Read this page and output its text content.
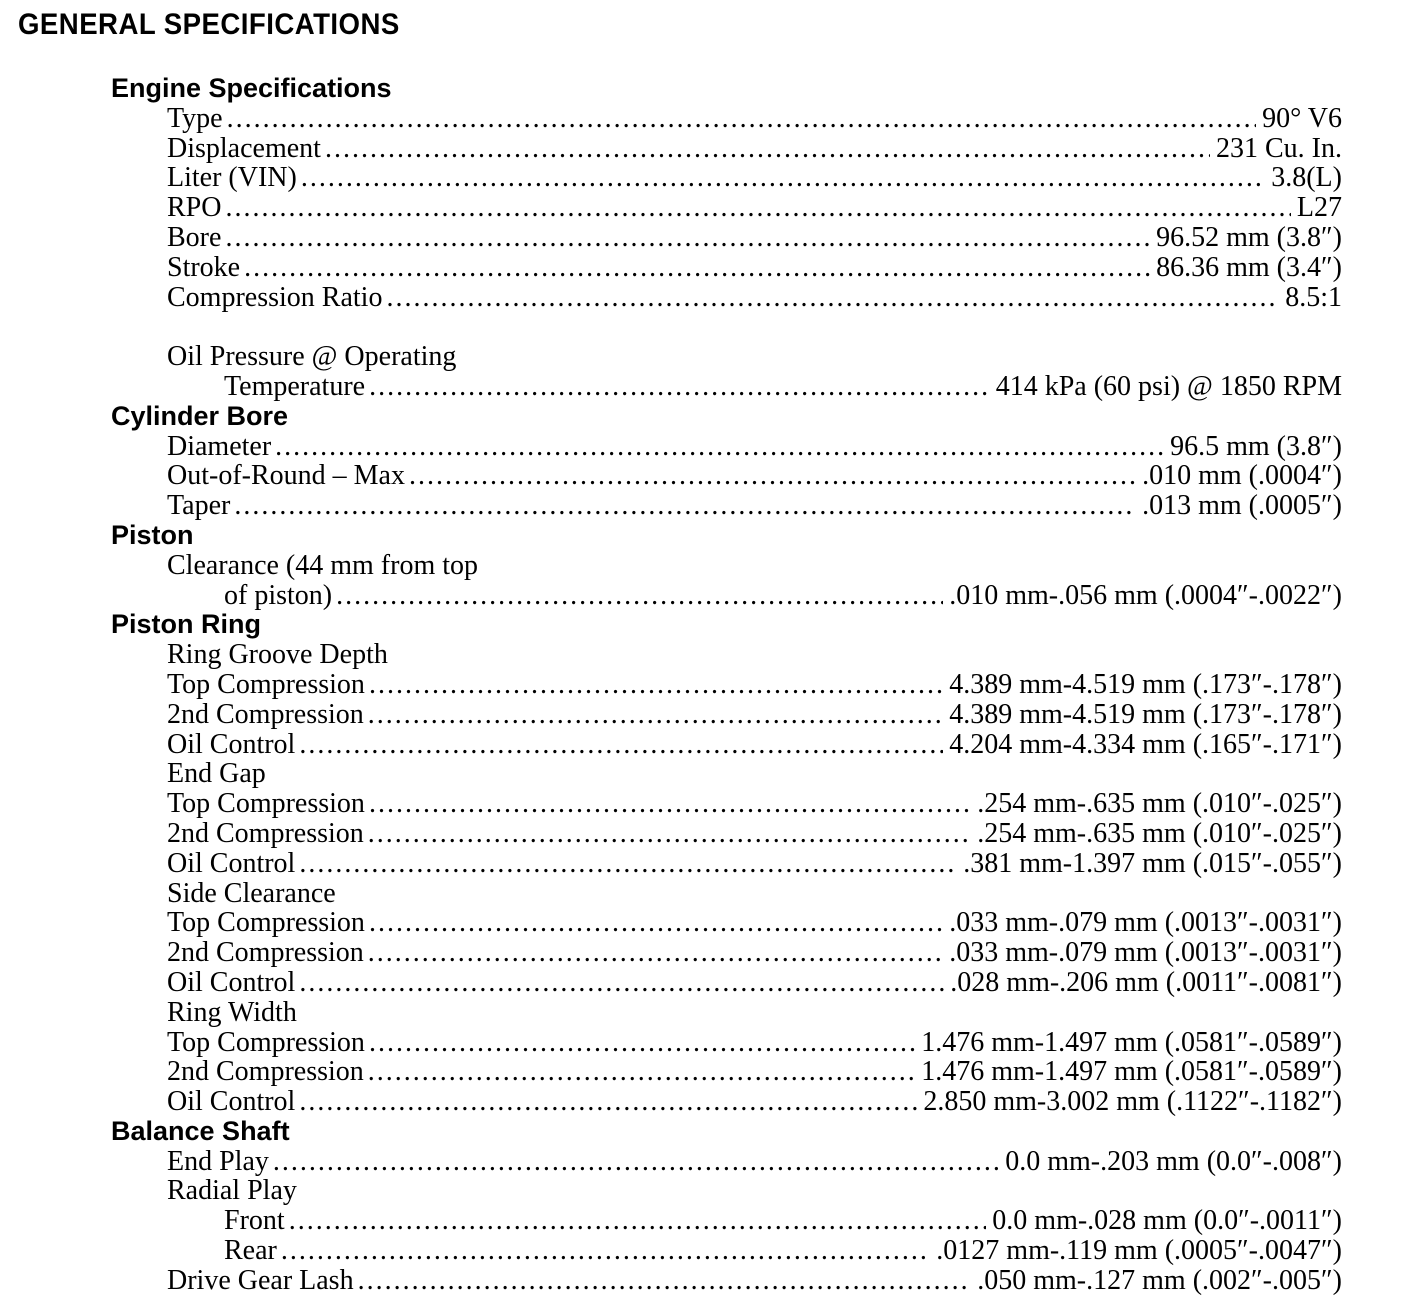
GENERAL SPECIFICATIONS
Engine Specifications
Type .....	90° V6
Displacement .....	231 Cu. In.
Liter (VIN) .....	3.8(L)
RPO .....	L27
Bore .....	96.52 mm (3.8″)
Stroke .....	86.36 mm (3.4″)
Compression Ratio .....	8.5:1
Oil Pressure @ Operating
Temperature .....	414 kPa (60 psi) @ 1850 RPM
Cylinder Bore
Diameter .....	96.5 mm (3.8″)
Out-of-Round – Max .....	.010 mm (.0004″)
Taper .....	.013 mm (.0005″)
Piston
Clearance (44 mm from top
of piston) .....	.010 mm-.056 mm (.0004″-.0022″)
Piston Ring
Ring Groove Depth
Top Compression .....	4.389 mm-4.519 mm (.173″-.178″)
2nd Compression .....	4.389 mm-4.519 mm (.173″-.178″)
Oil Control .....	4.204 mm-4.334 mm (.165″-.171″)
End Gap
Top Compression .....	.254 mm-.635 mm (.010″-.025″)
2nd Compression .....	.254 mm-.635 mm (.010″-.025″)
Oil Control .....	.381 mm-1.397 mm (.015″-.055″)
Side Clearance
Top Compression .....	.033 mm-.079 mm (.0013″-.0031″)
2nd Compression .....	.033 mm-.079 mm (.0013″-.0031″)
Oil Control .....	.028 mm-.206 mm (.0011″-.0081″)
Ring Width
Top Compression .....	1.476 mm-1.497 mm (.0581″-.0589″)
2nd Compression .....	1.476 mm-1.497 mm (.0581″-.0589″)
Oil Control .....	2.850 mm-3.002 mm (.1122″-.1182″)
Balance Shaft
End Play .....	0.0 mm-.203 mm (0.0″-.008″)
Radial Play
Front .....	0.0 mm-.028 mm (0.0″-.0011″)
Rear .....	.0127 mm-.119 mm (.0005″-.0047″)
Drive Gear Lash .....	.050 mm-.127 mm (.002″-.005″)
